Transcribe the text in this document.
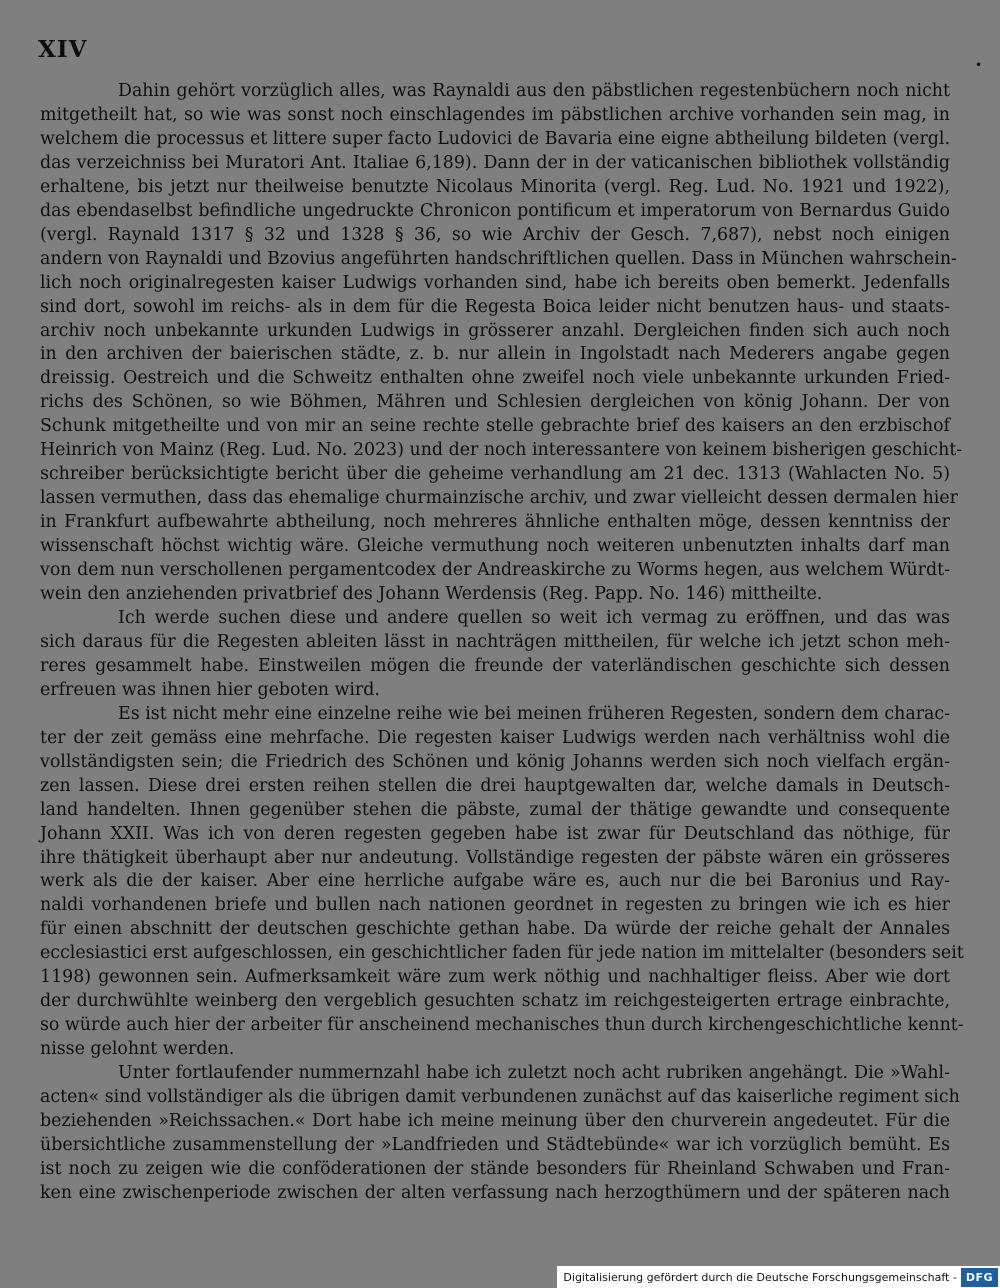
XIV
•
Dahin gehört vorzüglich alles, was Raynaldi aus den päbstlichen regestenbüchern noch nicht
mitgetheilt hat, so wie was sonst noch einschlagendes im päbstlichen archive vorhanden sein mag, in
welchem die processus et littere super facto Ludovici de Bavaria eine eigne abtheilung bildeten (vergl.
das verzeichniss bei Muratori Ant. Italiae 6,189). Dann der in der vaticanischen bibliothek vollständig
erhaltene, bis jetzt nur theilweise benutzte Nicolaus Minorita (vergl. Reg. Lud. No. 1921 und 1922),
das ebendaselbst befindliche ungedruckte Chronicon pontificum et imperatorum von Bernardus Guido
(vergl. Raynald 1317 § 32 und 1328 § 36, so wie Archiv der Gesch. 7,687), nebst noch einigen
andern von Raynaldi und Bzovius angeführten handschriftlichen quellen. Dass in München wahrschein-
lich noch originalregesten kaiser Ludwigs vorhanden sind, habe ich bereits oben bemerkt. Jedenfalls
sind dort, sowohl im reichs- als in dem für die Regesta Boica leider nicht benutzen haus- und staats-
archiv noch unbekannte urkunden Ludwigs in grösserer anzahl. Dergleichen finden sich auch noch
in den archiven der baierischen städte, z. b. nur allein in Ingolstadt nach Mederers angabe gegen
dreissig. Oestreich und die Schweitz enthalten ohne zweifel noch viele unbekannte urkunden Fried-
richs des Schönen, so wie Böhmen, Mähren und Schlesien dergleichen von könig Johann. Der von
Schunk mitgetheilte und von mir an seine rechte stelle gebrachte brief des kaisers an den erzbischof
Heinrich von Mainz (Reg. Lud. No. 2023) und der noch interessantere von keinem bisherigen geschicht-
schreiber berücksichtigte bericht über die geheime verhandlung am 21 dec. 1313 (Wahlacten No. 5)
lassen vermuthen, dass das ehemalige churmainzische archiv, und zwar vielleicht dessen dermalen hier
in Frankfurt aufbewahrte abtheilung, noch mehreres ähnliche enthalten möge, dessen kenntniss der
wissenschaft höchst wichtig wäre. Gleiche vermuthung noch weiteren unbenutzten inhalts darf man
von dem nun verschollenen pergamentcodex der Andreaskirche zu Worms hegen, aus welchem Würdt-
wein den anziehenden privatbrief des Johann Werdensis (Reg. Papp. No. 146) mittheilte.
Ich werde suchen diese und andere quellen so weit ich vermag zu eröffnen, und das was
sich daraus für die Regesten ableiten lässt in nachträgen mittheilen, für welche ich jetzt schon meh-
reres gesammelt habe. Einstweilen mögen die freunde der vaterländischen geschichte sich dessen
erfreuen was ihnen hier geboten wird.
Es ist nicht mehr eine einzelne reihe wie bei meinen früheren Regesten, sondern dem charac-
ter der zeit gemäss eine mehrfache. Die regesten kaiser Ludwigs werden nach verhältniss wohl die
vollständigsten sein; die Friedrich des Schönen und könig Johanns werden sich noch vielfach ergän-
zen lassen. Diese drei ersten reihen stellen die drei hauptgewalten dar, welche damals in Deutsch-
land handelten. Ihnen gegenüber stehen die päbste, zumal der thätige gewandte und consequente
Johann XXII. Was ich von deren regesten gegeben habe ist zwar für Deutschland das nöthige, für
ihre thätigkeit überhaupt aber nur andeutung. Vollständige regesten der päbste wären ein grösseres
werk als die der kaiser. Aber eine herrliche aufgabe wäre es, auch nur die bei Baronius und Ray-
naldi vorhandenen briefe und bullen nach nationen geordnet in regesten zu bringen wie ich es hier
für einen abschnitt der deutschen geschichte gethan habe. Da würde der reiche gehalt der Annales
ecclesiastici erst aufgeschlossen, ein geschichtlicher faden für jede nation im mittelalter (besonders seit
1198) gewonnen sein. Aufmerksamkeit wäre zum werk nöthig und nachhaltiger fleiss. Aber wie dort
der durchwühlte weinberg den vergeblich gesuchten schatz im reichgesteigerten ertrage einbrachte,
so würde auch hier der arbeiter für anscheinend mechanisches thun durch kirchengeschichtliche kennt-
nisse gelohnt werden.
Unter fortlaufender nummernzahl habe ich zuletzt noch acht rubriken angehängt. Die »Wahl-
acten« sind vollständiger als die übrigen damit verbundenen zunächst auf das kaiserliche regiment sich
beziehenden »Reichssachen.« Dort habe ich meine meinung über den churverein angedeutet. Für die
übersichtliche zusammenstellung der »Landfrieden und Städtebünde« war ich vorzüglich bemüht. Es
ist noch zu zeigen wie die conföderationen der stände besonders für Rheinland Schwaben und Fran-
ken eine zwischenperiode zwischen der alten verfassung nach herzogthümern und der späteren nach
Digitalisierung gefördert durch die Deutsche Forschungsgemeinschaft - DFG
